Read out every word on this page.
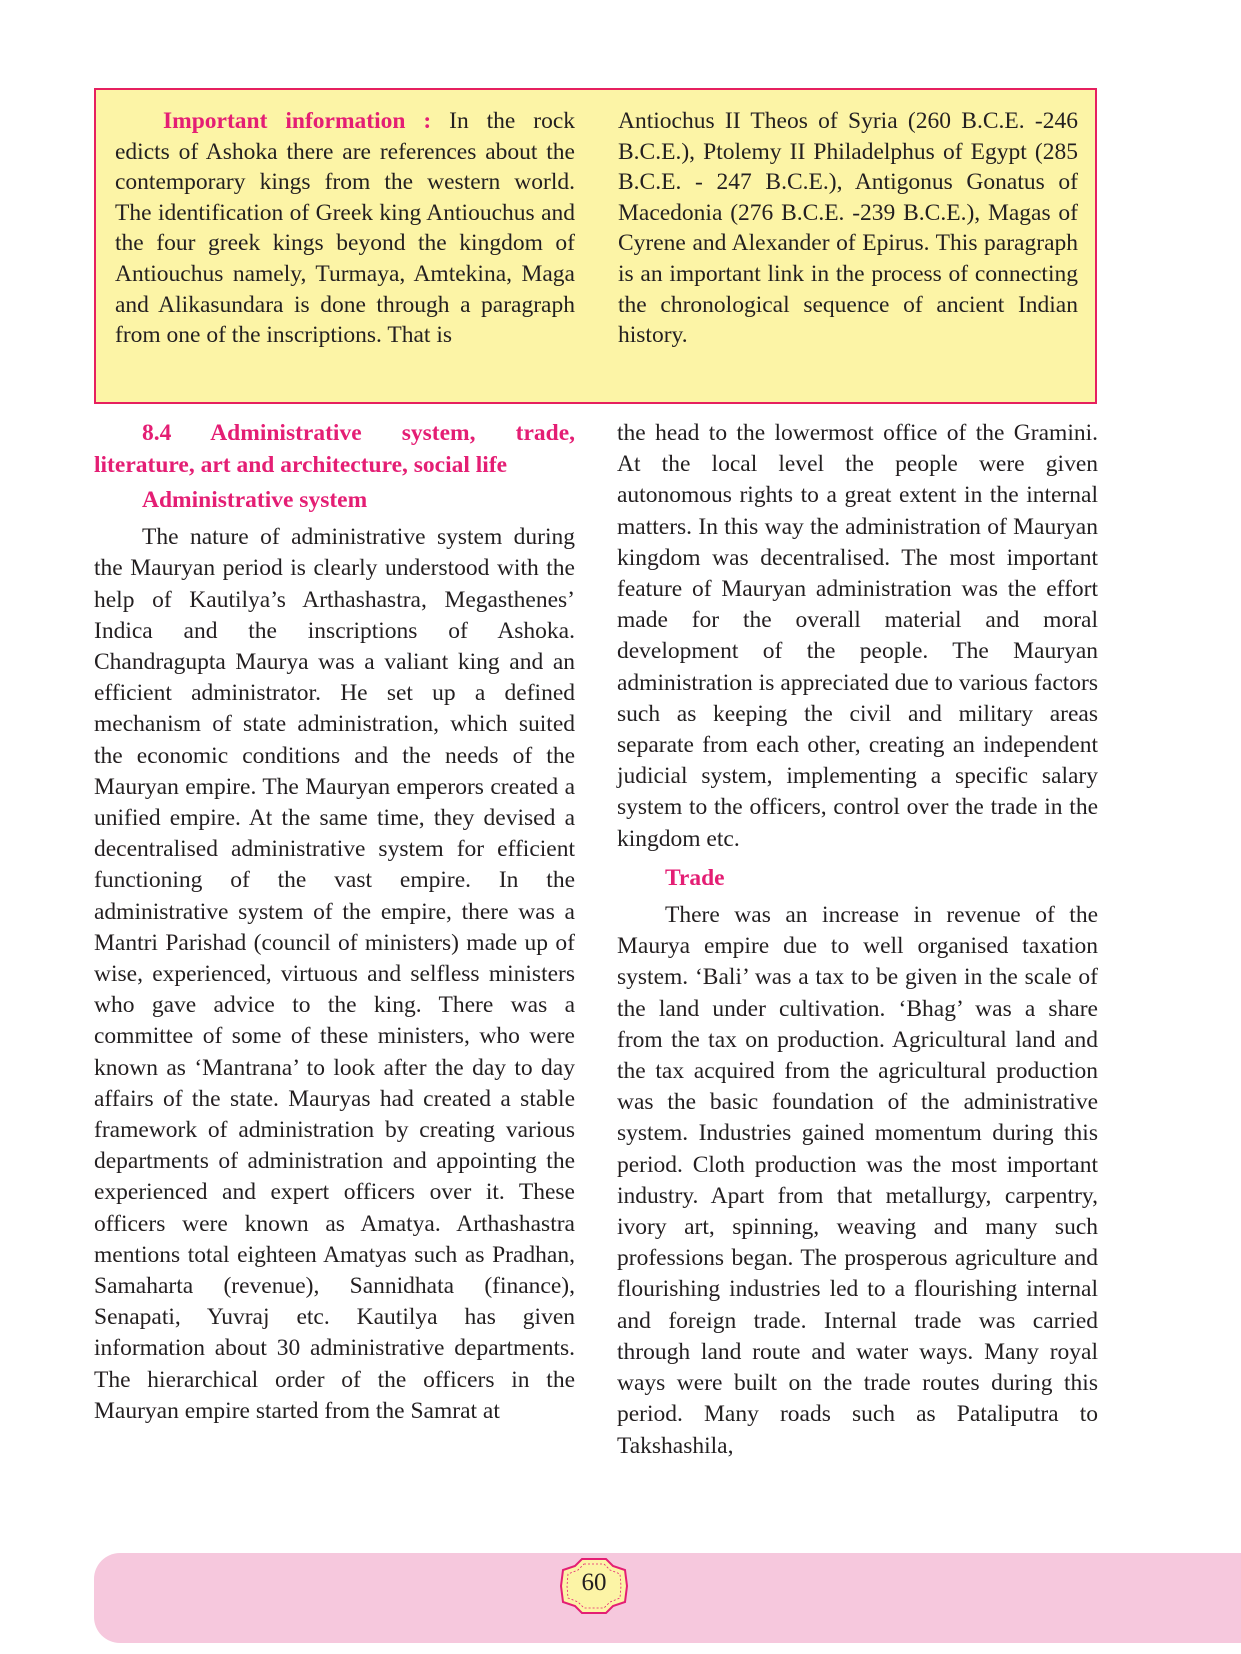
Important information : In the rock edicts of Ashoka there are references about the contemporary kings from the western world. The identification of Greek king Antiouchus and the four greek kings beyond the kingdom of Antiouchus namely, Turmaya, Amtekina, Maga and Alikasundara is done through a paragraph from one of the inscriptions. That is

Antiochus II Theos of Syria (260 B.C.E. -246 B.C.E.), Ptolemy II Philadelphus of Egypt (285 B.C.E. - 247 B.C.E.), Antigonus Gonatus of Macedonia (276 B.C.E. -239 B.C.E.), Magas of Cyrene and Alexander of Epirus. This paragraph is an important link in the process of connecting the chronological sequence of ancient Indian history.

8.4 Administrative system, trade, literature, art and architecture, social life

Administrative system

The nature of administrative system during the Mauryan period is clearly understood with the help of Kautilya’s Arthashastra, Megasthenes’ Indica and the inscriptions of Ashoka. Chandragupta Maurya was a valiant king and an efficient administrator. He set up a defined mechanism of state administration, which suited the economic conditions and the needs of the Mauryan empire. The Mauryan emperors created a unified empire. At the same time, they devised a decentralised administrative system for efficient functioning of the vast empire. In the administrative system of the empire, there was a Mantri Parishad (council of ministers) made up of wise, experienced, virtuous and selfless ministers who gave advice to the king. There was a committee of some of these ministers, who were known as ‘Mantrana’ to look after the day to day affairs of the state. Mauryas had created a stable framework of administration by creating various departments of administration and appointing the experienced and expert officers over it. These officers were known as Amatya. Arthashastra mentions total eighteen Amatyas such as Pradhan, Samaharta (revenue), Sannidhata (finance), Senapati, Yuvraj etc. Kautilya has given information about 30 administrative departments. The hierarchical order of the officers in the Mauryan empire started from the Samrat at

the head to the lowermost office of the Gramini. At the local level the people were given autonomous rights to a great extent in the internal matters. In this way the administration of Mauryan kingdom was decentralised. The most important feature of Mauryan administration was the effort made for the overall material and moral development of the people. The Mauryan administration is appreciated due to various factors such as keeping the civil and military areas separate from each other, creating an independent judicial system, implementing a specific salary system to the officers, control over the trade in the kingdom etc.

Trade

There was an increase in revenue of the Maurya empire due to well organised taxation system. ‘Bali’ was a tax to be given in the scale of the land under cultivation. ‘Bhag’ was a share from the tax on production. Agricultural land and the tax acquired from the agricultural production was the basic foundation of the administrative system. Industries gained momentum during this period. Cloth production was the most important industry. Apart from that metallurgy, carpentry, ivory art, spinning, weaving and many such professions began. The prosperous agriculture and flourishing industries led to a flourishing internal and foreign trade. Internal trade was carried through land route and water ways. Many royal ways were built on the trade routes during this period. Many roads such as Pataliputra to Takshashila,

60
